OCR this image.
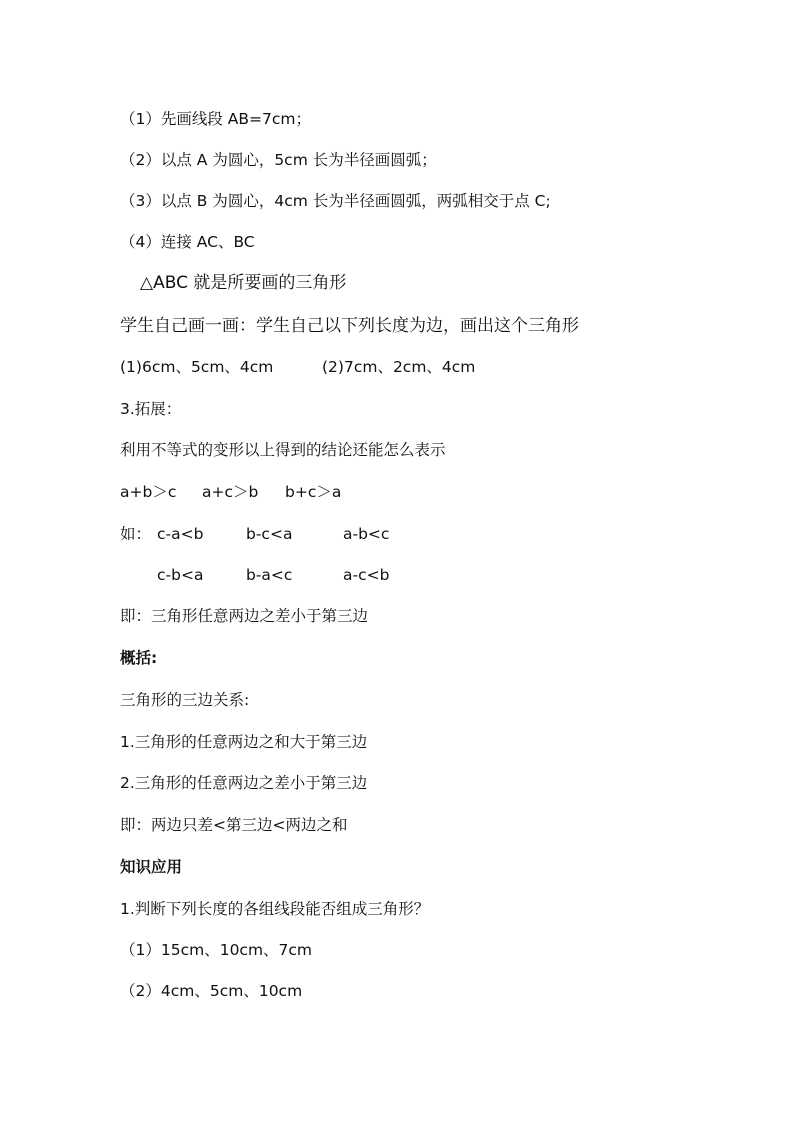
（1）先画线段 AB=7cm；
（2）以点 A 为圆心，5cm 长为半径画圆弧；
（3）以点 B 为圆心，4cm 长为半径画圆弧，两弧相交于点 C;
（4）连接 AC、BC
△ABC 就是所要画的三角形
学生自己画一画：学生自己以下列长度为边，画出这个三角形
(1)6cm、5cm、4cm	(2)7cm、2cm、4cm
3.拓展：
利用不等式的变形以上得到的结论还能怎么表示
a+b＞c a+c＞b b+c＞a
如： c-a<b	b-c<a	a-b<c
c-b<a	b-a<c	a-c<b
即：三角形任意两边之差小于第三边
概括:
三角形的三边关系:
1.三角形的任意两边之和大于第三边
2.三角形的任意两边之差小于第三边
即：两边只差<第三边<两边之和
知识应用
1.判断下列长度的各组线段能否组成三角形？
（1）15cm、10cm、7cm
（2）4cm、5cm、10cm
